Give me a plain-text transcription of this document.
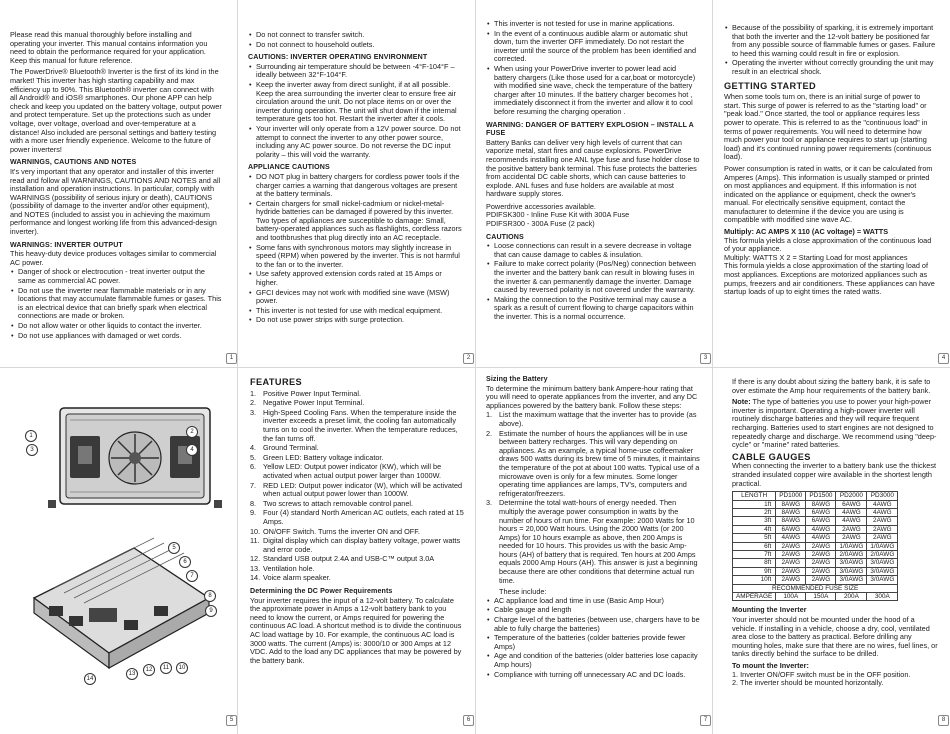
Please read this manual thoroughly before installing and operating your inverter. This manual contains information you need to obtain the performance required for your application. Keep this manual for future reference.

The PowerDrive® Bluetooth® Inverter is the first of its kind in the market! This inverter has high starting capability and max efficiency up to 90%. This Bluetooth® inverter can connect with all Android® and iOS® smartphones. Our phone APP can help check and keep you updated on the battery voltage, output power and protect temperature. Set up the protections such as under voltage, over voltage, overload and over-temperature at a distance! Also included are personal settings and battery testing with a more user friendly experience. Welcome to the future of power inverters!

WARNINGS, CAUTIONS AND NOTES

It's very important that any operator and installer of this inverter read and follow all WARNINGS, CAUTIONS AND NOTES and all installation and operation instructions. In particular, comply with WARNINGS (possibility of serious injury or death), CAUTIONS (possibility of damage to the inverter and/or other equipment), and NOTES (included to assist you in achieving the maximum performance and longest working life from this advanced-design inverter).

WARNINGS: INVERTER OUTPUT

This heavy-duty device produces voltages similar to commercial AC power.

• Danger of shock or electrocution - treat inverter output the same as commercial AC power.
• Do not use the inverter near flammable materials or in any locations that may accumulate flammable fumes or gases. This is an electrical device that can briefly spark when electrical connections are made or broken.
• Do not allow water or other liquids to contact the inverter.
• Do not use appliances with damaged or wet cords.
1
• Do not connect to transfer switch.
• Do not connect to household outlets.
CAUTIONS: INVERTER OPERATING ENVIRONMENT
• Surrounding air temperature should be between -4°F-104°F – ideally between 32°F-104°F.
• Keep the inverter away from direct sunlight, if at all possible. Keep the area surrounding the inverter clear to ensure free air circulation around the unit. Do not place items on or over the inverter during operation. The unit will shut down if the internal temperature gets too hot. Restart the inverter after it cools.
• Your inverter will only operate from a 12V power source. Do not attempt to connect the inverter to any other power source, including any AC power source. Do not reverse the DC input polarity – this will void the warranty.
APPLIANCE CAUTIONS
• DO NOT plug in battery chargers for cordless power tools if the charger carries a warning that dangerous voltages are present at the battery terminals.
• Certain chargers for small nickel-cadmium or nickel-metal-hydride batteries can be damaged if powered by this inverter. Two types of appliances are susceptible to damage: Small, battery-operated appliances such as flashlights, cordless razors and toothbrushes that plug directly into an AC receptacle.
• Some fans with synchronous motors may slightly increase in speed (RPM) when powered by the inverter. This is not harmful to the fan or to the inverter.
• Use safety approved extension cords rated at 15 Amps or higher.
• GFCI devices may not work with modified sine wave (MSW) power.
• This inverter is not tested for use with medical equipment.
• Do not use power strips with surge protection.
2
• This inverter is not tested for use in marine applications.
• In the event of a continuous audible alarm or automatic shut down, turn the inverter OFF immediately. Do not restart the inverter until the source of the problem has been identified and corrected.
• When using your PowerDrive inverter to power lead acid battery chargers (Like those used for a car,boat or motorcycle) with modified sine wave, check the temperature of the battery charger after 10 minutes. If the battery charger becomes hot , immediately disconnect it from the inverter and allow it to cool before resuming the charging operation .
WARNING: DANGER OF BATTERY EXPLOSION – INSTALL A FUSE

Battery Banks can deliver very high levels of current that can vaporize metal, start fires and cause explosions. PowerDrive recommends installing one ANL type fuse and fuse holder close to the positive battery bank terminal. This fuse protects the batteries from accidental DC cable shorts, which can cause batteries to explode. ANL fuses and fuse holders are available at most hardware supply stores.

Powerdrive accessories available.

PDIFSK300 - Inline Fuse Kit with 300A Fuse
PDIFSR300 - 300A Fuse (2 pack)
CAUTIONS
• Loose connections can result in a severe decrease in voltage that can cause damage to cables & insulation.
• Failure to make correct polarity (Pos/Neg) connection between the inverter and the battery bank can result in blowing fuses in the inverter & can permanently damage the inverter. Damage caused by reversed polarity is not covered under the warranty.
• Making the connection to the Positive terminal may cause a spark as a result of current flowing to charge capacitors within the inverter. This is a normal occurrence.
3
• Because of the possibility of sparking, it is extremely important that both the inverter and the 12-volt battery be positioned far from any possible source of flammable fumes or gases. Failure to heed this warning could result in fire or explosion.
• Operating the inverter without correctly grounding the unit may result in an electrical shock.
GETTING STARTED

When some tools turn on, there is an initial surge of power to start. This surge of power is referred to as the "starting load" or "peak load." Once started, the tool or appliance requires less power to operate. This is referred to as the "continuous load" in terms of power requirements. You will need to determine how much power your tool or appliance requires to start up (starting load) and it's continued running power requirements (continuous load).

Power consumption is rated in watts, or it can be calculated from Amperes (Amps). This information is usually stamped or printed on most appliances and equipment. If this information is not indicated on the appliance or equipment, check the owner's manual. For electrically sensitive equipment, contact the manufacturer to determine if the device you are using is compatible with modified sine wave AC.

Multiply: AC AMPS X 110 (AC voltage) = WATTS
This formula yields a close approximation of the continuous load of your appliance.
Multiply: WATTS X 2 = Starting Load for most appliances
This formula yields a close approximation of the starting load of most appliances. Exceptions are motorized appliances such as pumps, freezers and air conditioners. These appliances can have startup loads of up to eight times the rated watts.
4
1
2
3	4
5
6
7
8
9
10
11
12
13
14
5
FEATURES
1. Positive Power Input Terminal.
2. Negative Power Input Terminal.
3. High-Speed Cooling Fans. When the temperature inside the inverter exceeds a preset limit, the cooling fan automatically turns on to cool the inverter. When the temperature reduces, the fan turns off.
4. Ground Terminal.
5. Green LED: Battery voltage indicator.
6. Yellow LED: Output power indicator (KW), which will be activated when actual output power larger than 1000W.
7. RED LED: Output power indicator (W), which will be activated when actual output power lower than 1000W.
8. Two screws to attach removable control panel.
9. Four (4) standard North American AC outlets, each rated at 15 Amps.
10. ON/OFF Switch. Turns the inverter ON and OFF.
11. Digital display which can display battery voltage, power watts and error code.
12. Standard USB output 2.4A and USB-C™ output 3.0A
13. Ventilation hole.
14. Voice alarm speaker.
Determining the DC Power Requirements

Your inverter requires the input of a 12-volt battery. To calculate the approximate power in Amps a 12-volt battery bank to you need to know the current, or Amps required for powering the continuous AC load. A shortcut method is to divide the continuous AC load wattage by 10. For example, the continuous AC load is 3000 watts. The current (Amps) is: 3000/10 or 300 Amps at 12 VDC. Add to the load any DC appliances that may be powered by the battery bank.

6
Sizing the Battery

To determine the minimum battery bank Ampere-hour rating that you will need to operate appliances from the inverter, and any DC appliances powered by the battery bank. Follow these steps:

1. List the maximum wattage that the inverter has to provide (as above).
2. Estimate the number of hours the appliances will be in use between battery recharges. This will vary depending on appliances. As an example, a typical home-use coffeemaker draws 500 watts during its brew time of 5 minutes, it maintains the temperature of the pot at about 100 watts. Typical use of a microwave oven is only for a few minutes. Some longer operating time appliances are lamps, TV's, computers and refrigerator/freezers.
3. Determine the total watt-hours of energy needed. Then multiply the average power consumption in watts by the number of hours of run time. For example: 2000 Watts for 10 hours = 20,000 Watt hours. Using the 2000 Watts (or 200 Amps) for 10 hours example as above, then 200 Amps is needed for 10 hours. This provides us with the basic Amp-hours (AH) of battery that is required. Ten hours at 200 Amps equals 2000 Amp Hours (AH). This answer is just a beginning because there are other conditions that determine actual run time.
These include:
• AC appliance load and time in use (Basic Amp Hour)
• Cable gauge and length
• Charge level of the batteries (between use, chargers have to be able to fully charge the batteries)
• Temperature of the batteries (colder batteries provide fewer Amps)
• Age and condition of the batteries (older batteries lose capacity Amp hours)
• Compliance with turning off unnecessary AC and DC loads.
7

If there is any doubt about sizing the battery bank, it is safe to over estimate the Amp hour requirements of the battery bank.

Note: The type of batteries you use to power your high-power inverter is important. Operating a high-power inverter will routinely discharge batteries and they will require frequent recharging. Batteries used to start engines are not designed to repeatedly charge and discharge. We recommend using "deep-cycle" or "marine" rated batteries.

CABLE GAUGES

When connecting the inverter to a battery bank use the thickest stranded insulated copper wire available in the shortest length practical.

LENGTH	PD1000	PD1500	PD2000	PD3000
1ft	8AWG	8AWG	6AWG	4AWG
2ft	8AWG	6AWG	4AWG	4AWG
3ft	8AWG	6AWG	4AWG	2AWG
4ft	6AWG	4AWG	2AWG	2AWG
5ft	4AWG	4AWG	2AWG	2AWG
6ft	2AWG	2AWG	1/0AWG	1/0AWG
7ft	2AWG	2AWG	2/0AWG	2/0AWG
8ft	2AWG	2AWG	3/0AWG	3/0AWG
9ft	2AWG	2AWG	3/0AWG	3/0AWG
10ft	2AWG	2AWG	3/0AWG	3/0AWG
RECOMMENDED FUSE SIZE				
AMPERAGE	100A	150A	200A	300A
Mounting the Inverter

Your inverter should not be mounted under the hood of a vehicle. If installing in a vehicle, choose a dry, cool, ventilated area close to the battery as practical. Before drilling any mounting holes, make sure that there are no wires, fuel lines, or tanks directly behind the surface to be drilled.

To mount the Inverter:
1. Inverter ON/OFF switch must be in the OFF position.
2. The inverter should be mounted horizontally.
8
